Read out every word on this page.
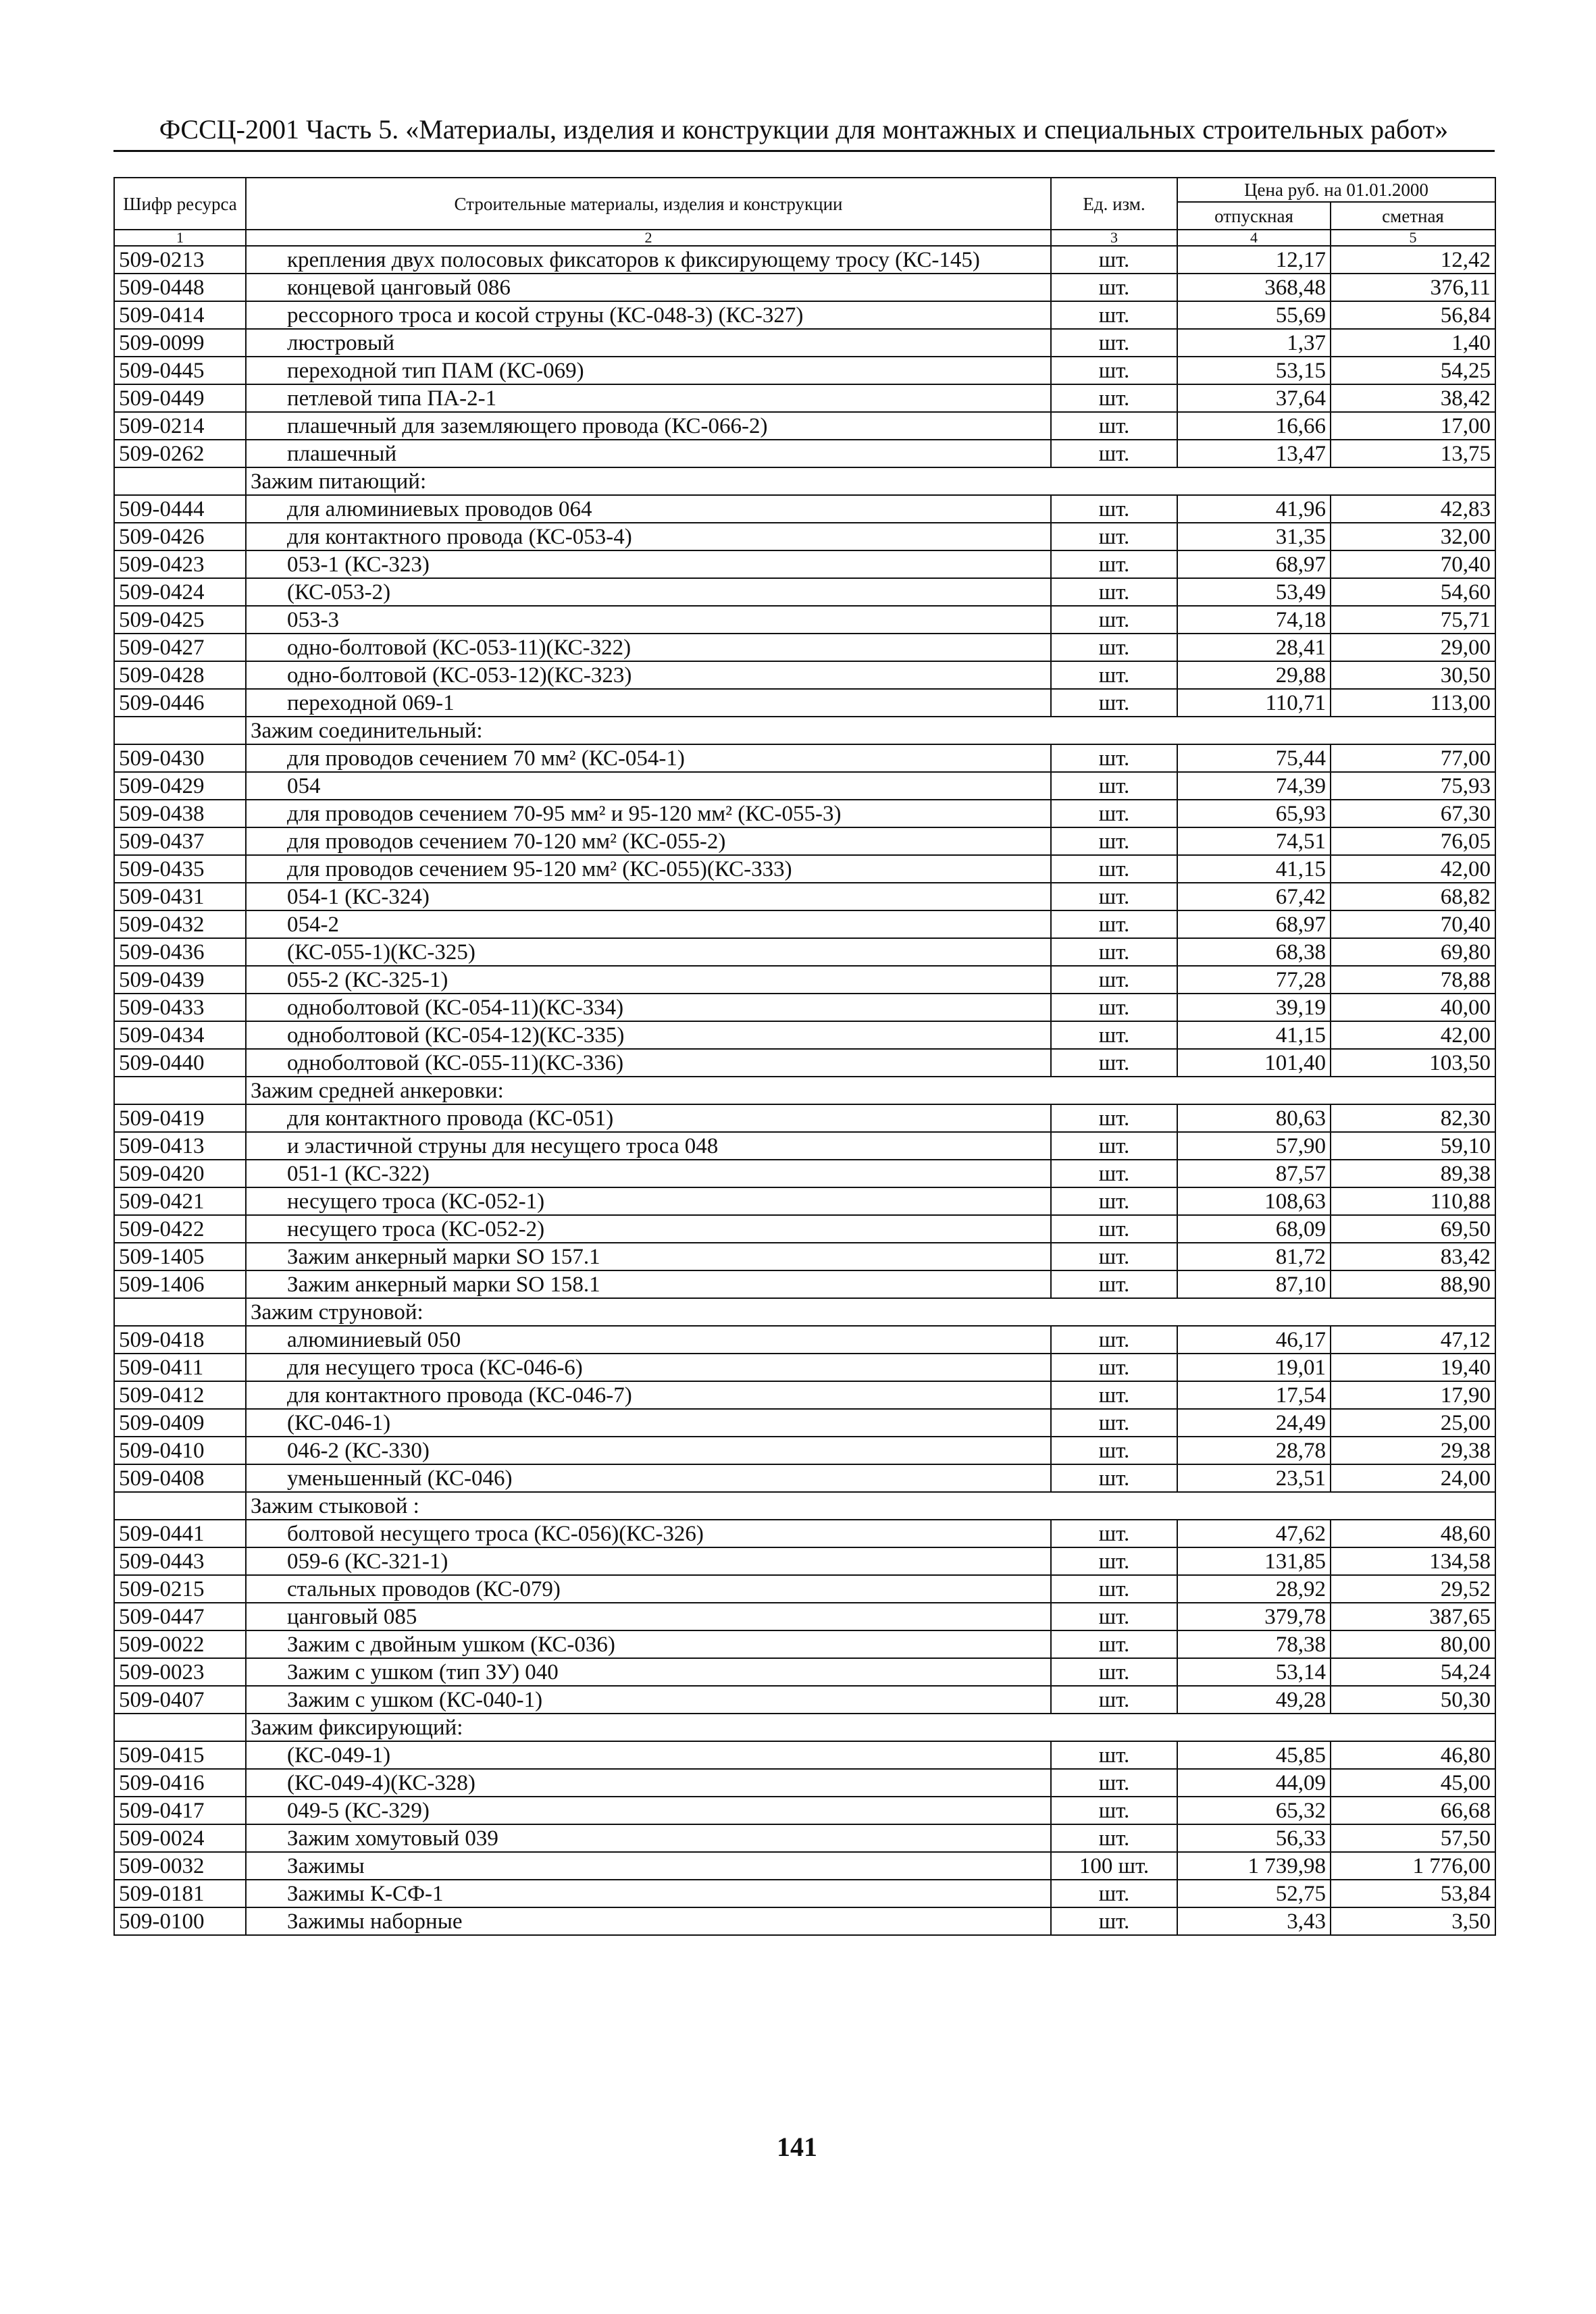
ФССЦ-2001 Часть 5. «Материалы, изделия и конструкции для монтажных и специальных строительных работ»
Шифр ресурса	Строительные материалы, изделия и конструкции	Ед. изм.	Цена руб. на 01.01.2000	
			отпускная	сметная
1	2	3	4	5
509-0213	крепления двух полосовых фиксаторов к фиксирующему тросу (КС-145)	шт.	12,17	12,42
509-0448	концевой цанговый 086	шт.	368,48	376,11
509-0414	рессорного троса и косой струны (КС-048-3) (КС-327)	шт.	55,69	56,84
509-0099	люстровый	шт.	1,37	1,40
509-0445	переходной тип ПАМ (КС-069)	шт.	53,15	54,25
509-0449	петлевой типа ПА-2-1	шт.	37,64	38,42
509-0214	плашечный для заземляющего провода (КС-066-2)	шт.	16,66	17,00
509-0262	плашечный	шт.	13,47	13,75
	Зажим питающий:			
509-0444	для алюминиевых проводов 064	шт.	41,96	42,83
509-0426	для контактного провода (КС-053-4)	шт.	31,35	32,00
509-0423	053-1 (КС-323)	шт.	68,97	70,40
509-0424	(КС-053-2)	шт.	53,49	54,60
509-0425	053-3	шт.	74,18	75,71
509-0427	одно-болтовой (КС-053-11)(КС-322)	шт.	28,41	29,00
509-0428	одно-болтовой (КС-053-12)(КС-323)	шт.	29,88	30,50
509-0446	переходной 069-1	шт.	110,71	113,00
	Зажим соединительный:			
509-0430	для проводов сечением 70 мм² (КС-054-1)	шт.	75,44	77,00
509-0429	054	шт.	74,39	75,93
509-0438	для проводов сечением 70-95 мм² и 95-120 мм² (КС-055-3)	шт.	65,93	67,30
509-0437	для проводов сечением 70-120 мм² (КС-055-2)	шт.	74,51	76,05
509-0435	для проводов сечением 95-120 мм² (КС-055)(КС-333)	шт.	41,15	42,00
509-0431	054-1 (КС-324)	шт.	67,42	68,82
509-0432	054-2	шт.	68,97	70,40
509-0436	(КС-055-1)(КС-325)	шт.	68,38	69,80
509-0439	055-2 (КС-325-1)	шт.	77,28	78,88
509-0433	одноболтовой (КС-054-11)(КС-334)	шт.	39,19	40,00
509-0434	одноболтовой (КС-054-12)(КС-335)	шт.	41,15	42,00
509-0440	одноболтовой (КС-055-11)(КС-336)	шт.	101,40	103,50
	Зажим средней анкеровки:			
509-0419	для контактного провода (КС-051)	шт.	80,63	82,30
509-0413	и эластичной струны для несущего троса 048	шт.	57,90	59,10
509-0420	051-1 (КС-322)	шт.	87,57	89,38
509-0421	несущего троса (КС-052-1)	шт.	108,63	110,88
509-0422	несущего троса (КС-052-2)	шт.	68,09	69,50
509-1405	Зажим анкерный марки SO 157.1	шт.	81,72	83,42
509-1406	Зажим анкерный марки SO 158.1	шт.	87,10	88,90
	Зажим струновой:			
509-0418	алюминиевый 050	шт.	46,17	47,12
509-0411	для несущего троса (КС-046-6)	шт.	19,01	19,40
509-0412	для контактного провода (КС-046-7)	шт.	17,54	17,90
509-0409	(КС-046-1)	шт.	24,49	25,00
509-0410	046-2 (КС-330)	шт.	28,78	29,38
509-0408	уменьшенный (КС-046)	шт.	23,51	24,00
	Зажим стыковой :			
509-0441	болтовой несущего троса (КС-056)(КС-326)	шт.	47,62	48,60
509-0443	059-6 (КС-321-1)	шт.	131,85	134,58
509-0215	стальных проводов (КС-079)	шт.	28,92	29,52
509-0447	цанговый 085	шт.	379,78	387,65
509-0022	Зажим с двойным ушком (КС-036)	шт.	78,38	80,00
509-0023	Зажим с ушком (тип ЗУ) 040	шт.	53,14	54,24
509-0407	Зажим с ушком (КС-040-1)	шт.	49,28	50,30
	Зажим фиксирующий:			
509-0415	(КС-049-1)	шт.	45,85	46,80
509-0416	(КС-049-4)(КС-328)	шт.	44,09	45,00
509-0417	049-5 (КС-329)	шт.	65,32	66,68
509-0024	Зажим хомутовый 039	шт.	56,33	57,50
509-0032	Зажимы	100 шт.	1 739,98	1 776,00
509-0181	Зажимы К-СФ-1	шт.	52,75	53,84
509-0100	Зажимы наборные	шт.	3,43	3,50
141
